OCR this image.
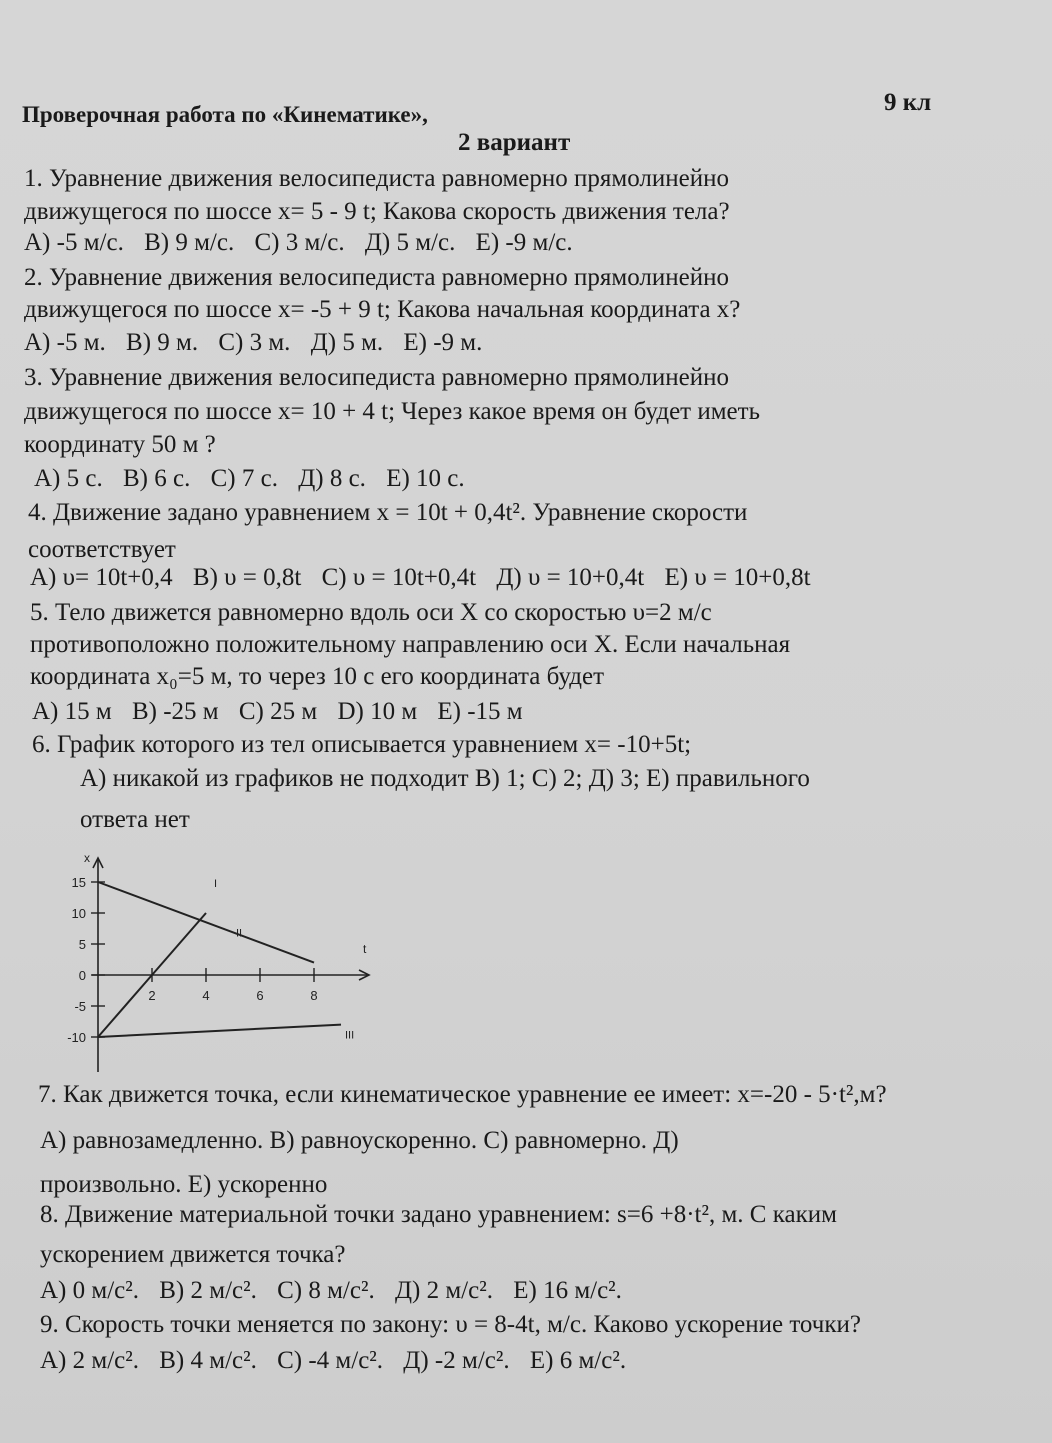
9 кл
Проверочная работа по «Кинематике»,
2 вариант
1. Уравнение движения велосипедиста равномерно прямолинейно
движущегося по шоссе x= 5 - 9 t; Какова скорость движения тела?
А) -5 м/с. В) 9 м/с. С) 3 м/с. Д) 5 м/с. Е) -9 м/с.
2. Уравнение движения велосипедиста равномерно прямолинейно
движущегося по шоссе x= -5 + 9 t; Какова начальная координата x?
А) -5 м. В) 9 м. С) 3 м. Д) 5 м. Е) -9 м.
3. Уравнение движения велосипедиста равномерно прямолинейно
движущегося по шоссе x= 10 + 4 t; Через какое время он будет иметь
координату 50 м ?
А) 5 с. В) 6 с. С) 7 с. Д) 8 с. Е) 10 с.
4. Движение задано уравнением x = 10t + 0,4t². Уравнение скорости
соответствует
А) υ= 10t+0,4 В) υ = 0,8t С) υ = 10t+0,4t Д) υ = 10+0,4t Е) υ = 10+0,8t
5. Тело движется равномерно вдоль оси X со скоростью υ=2 м/с
противоположно положительному направлению оси X. Если начальная
координата x₀=5 м, то через 10 с его координата будет
А) 15 м В) -25 м С) 25 м D) 10 м Е) -15 м
6. График которого из тел описывается уравнением x= -10+5t;
А) никакой из графиков не подходит В) 1; С) 2; Д) 3; Е) правильного
ответа нет
x
t
15
10
5
0
-5
-10
2	4	6	8
I
II
III
7. Как движется точка, если кинематическое уравнение ее имеет: x=-20 - 5·t²,м?
А) равнозамедленно. В) равноускоренно. С) равномерно. Д)
произвольно. Е) ускоренно
8. Движение материальной точки задано уравнением: s=6 +8·t², м. С каким
ускорением движется точка?
А) 0 м/с². В) 2 м/с². С) 8 м/с². Д) 2 м/с². Е) 16 м/с².
9. Скорость точки меняется по закону: υ = 8-4t, м/с. Каково ускорение точки?
А) 2 м/с². В) 4 м/с². С) -4 м/с². Д) -2 м/с². Е) 6 м/с².
